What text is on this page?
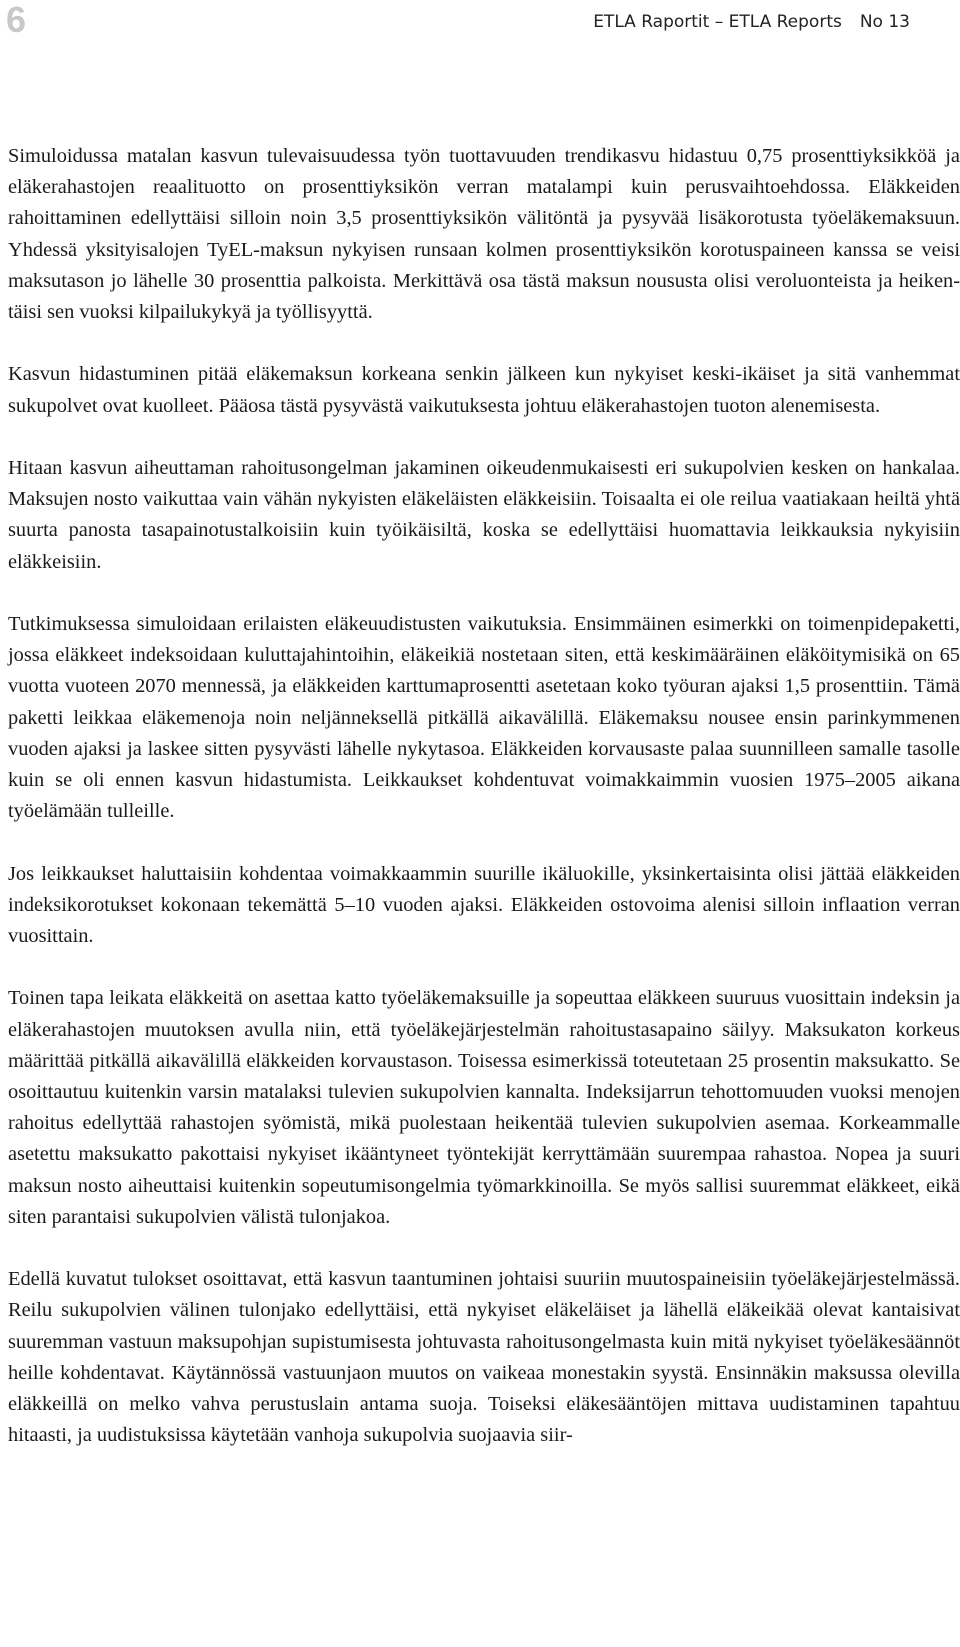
6	ETLA Raportit – ETLA Reports No 13

Simuloidussa matalan kasvun tulevaisuudessa työn tuottavuuden trendikasvu hidastuu 0,75 prosenttiyksikköä ja eläkerahastojen reaalituotto on prosenttiyksikön verran matalampi kuin perusvaihtoehdossa. Eläkkeiden rahoittaminen edellyttäisi silloin noin 3,5 prosenttiyksikön välitöntä ja pysyvää lisäkorotusta työeläkemaksuun. Yhdessä yksityisalojen TyEL-maksun nykyisen runsaan kolmen prosenttiyksikön korotuspaineen kanssa se veisi maksutason jo lähelle 30 prosenttia palkoista. Merkittävä osa tästä maksun noususta olisi veroluonteista ja heikentäisi sen vuoksi kilpailukykyä ja työllisyyttä.

Kasvun hidastuminen pitää eläkemaksun korkeana senkin jälkeen kun nykyiset keski-ikäiset ja sitä vanhemmat sukupolvet ovat kuolleet. Pääosa tästä pysyvästä vaikutuksesta johtuu eläkerahastojen tuoton alenemisesta.

Hitaan kasvun aiheuttaman rahoitusongelman jakaminen oikeudenmukaisesti eri sukupolvien kesken on hankalaa. Maksujen nosto vaikuttaa vain vähän nykyisten eläkeläisten eläkkeisiin. Toisaalta ei ole reilua vaatiakaan heiltä yhtä suurta panosta tasapainotustalkoisiin kuin työikäisiltä, koska se edellyttäisi huomattavia leikkauksia nykyisiin eläkkeisiin.

Tutkimuksessa simuloidaan erilaisten eläkeuudistusten vaikutuksia. Ensimmäinen esimerkki on toimenpidepaketti, jossa eläkkeet indeksoidaan kuluttajahintoihin, eläkeikiä nostetaan siten, että keskimääräinen eläköitymisikä on 65 vuotta vuoteen 2070 mennessä, ja eläkkeiden karttumaprosentti asetetaan koko työuran ajaksi 1,5 prosenttiin. Tämä paketti leikkaa eläkemenoja noin neljänneksellä pitkällä aikavälillä. Eläkemaksu nousee ensin parinkymmenen vuoden ajaksi ja laskee sitten pysyvästi lähelle nykytasoa. Eläkkeiden korvausaste palaa suunnilleen samalle tasolle kuin se oli ennen kasvun hidastumista. Leikkaukset kohdentuvat voimakkaimmin vuosien 1975–2005 aikana työelämään tulleille.

Jos leikkaukset haluttaisiin kohdentaa voimakkaammin suurille ikäluokille, yksinkertaisinta olisi jättää eläkkeiden indeksikorotukset kokonaan tekemättä 5–10 vuoden ajaksi. Eläkkeiden ostovoima alenisi silloin inflaation verran vuosittain.

Toinen tapa leikata eläkkeitä on asettaa katto työeläkemaksuille ja sopeuttaa eläkkeen suuruus vuosittain indeksin ja eläkerahastojen muutoksen avulla niin, että työeläkejärjestelmän rahoitustasapaino säilyy. Maksukaton korkeus määrittää pitkällä aikavälillä eläkkeiden korvaustason. Toisessa esimerkissä toteutetaan 25 prosentin maksukatto. Se osoittautuu kuitenkin varsin matalaksi tulevien sukupolvien kannalta. Indeksijarrun tehottomuuden vuoksi menojen rahoitus edellyttää rahastojen syömistä, mikä puolestaan heikentää tulevien sukupolvien asemaa. Korkeammalle asetettu maksukatto pakottaisi nykyiset ikääntyneet työntekijät kerryttämään suurempaa rahastoa. Nopea ja suuri maksun nosto aiheuttaisi kuitenkin sopeutumisongelmia työmarkkinoilla. Se myös sallisi suuremmat eläkkeet, eikä siten parantaisi sukupolvien välistä tulonjakoa.

Edellä kuvatut tulokset osoittavat, että kasvun taantuminen johtaisi suuriin muutospaineisiin työeläkejärjestelmässä. Reilu sukupolvien välinen tulonjako edellyttäisi, että nykyiset eläkeläiset ja lähellä eläkeikää olevat kantaisivat suuremman vastuun maksupohjan supistumisesta johtuvasta rahoitusongelmasta kuin mitä nykyiset työeläkesäännöt heille kohdentavat. Käytännössä vastuunjaon muutos on vaikeaa monestakin syystä. Ensinnäkin maksussa olevilla eläkkeillä on melko vahva perustuslain antama suoja. Toiseksi eläkesääntöjen mittava uudistaminen tapahtuu hitaasti, ja uudistuksissa käytetään vanhoja sukupolvia suojaavia siir-
